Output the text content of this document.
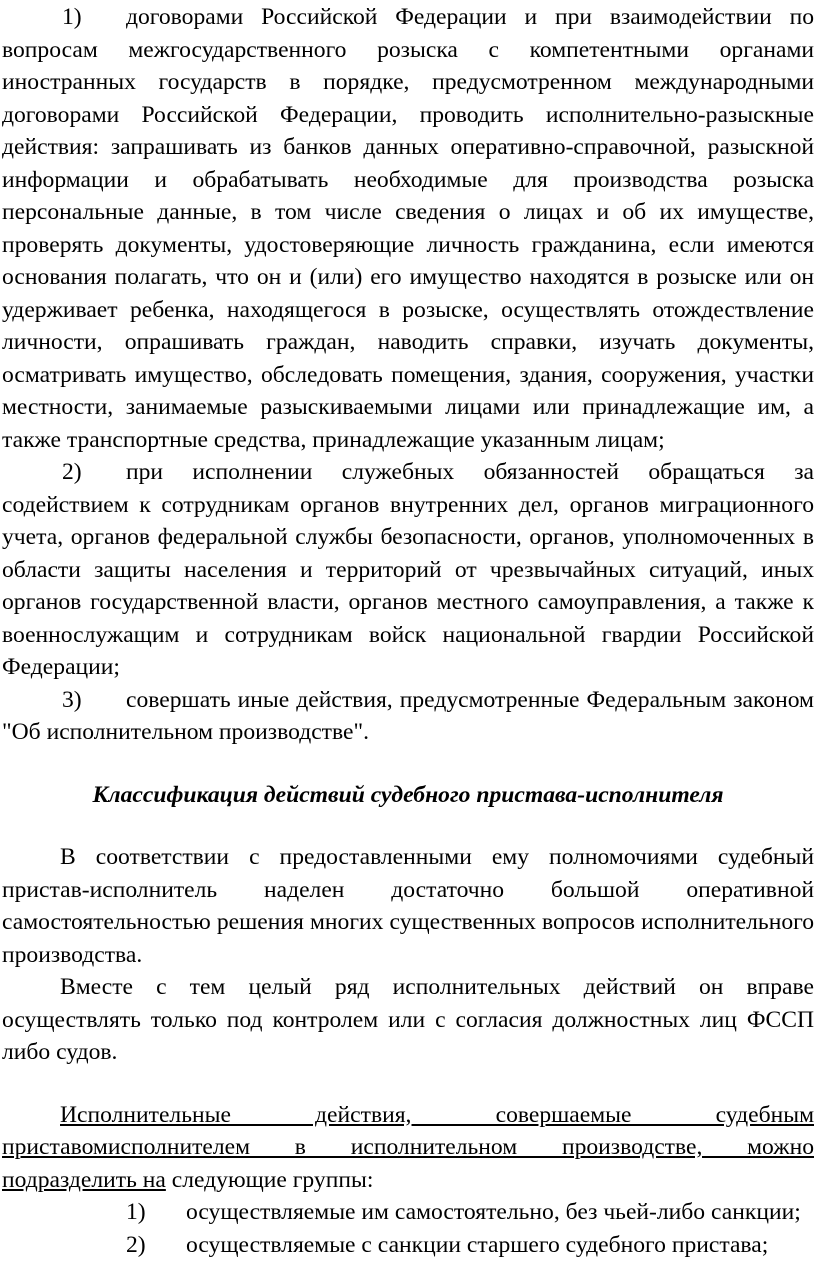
1) договорами Российской Федерации и при взаимодействии по вопросам межгосударственного розыска с компетентными органами иностранных государств в порядке, предусмотренном международными договорами Российской Федерации, проводить исполнительно-разыскные действия: запрашивать из банков данных оперативно-справочной, разыскной информации и обрабатывать необходимые для производства розыска персональные данные, в том числе сведения о лицах и об их имуществе, проверять документы, удостоверяющие личность гражданина, если имеются основания полагать, что он и (или) его имущество находятся в розыске или он удерживает ребенка, находящегося в розыске, осуществлять отождествление личности, опрашивать граждан, наводить справки, изучать документы, осматривать имущество, обследовать помещения, здания, сооружения, участки местности, занимаемые разыскиваемыми лицами или принадлежащие им, а также транспортные средства, принадлежащие указанным лицам;

2) при исполнении служебных обязанностей обращаться за содействием к сотрудникам органов внутренних дел, органов миграционного учета, органов федеральной службы безопасности, органов, уполномоченных в области защиты населения и территорий от чрезвычайных ситуаций, иных органов государственной власти, органов местного самоуправления, а также к военнослужащим и сотрудникам войск национальной гвардии Российской Федерации;

3) совершать иные действия, предусмотренные Федеральным законом "Об исполнительном производстве".

Классификация действий судебного пристава-исполнителя

В соответствии с предоставленными ему полномочиями судебный пристав-исполнитель наделен достаточно большой оперативной самостоятельностью решения многих существенных вопросов исполнительного производства.

Вместе с тем целый ряд исполнительных действий он вправе осуществлять только под контролем или с согласия должностных лиц ФССП либо судов.

Исполнительные действия, совершаемые судебным
приставомисполнителем в исполнительном производстве, можно
подразделить на следующие группы:

1) осуществляемые им самостоятельно, без чьей-либо санкции;

2) осуществляемые с санкции старшего судебного пристава;
